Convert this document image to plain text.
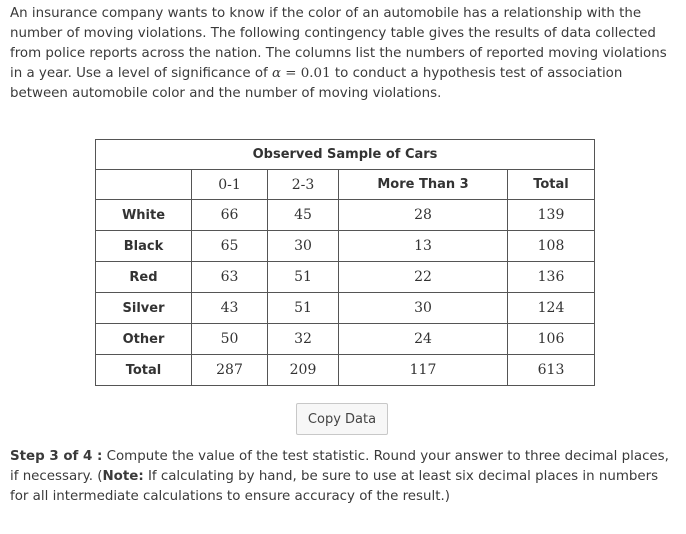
An insurance company wants to know if the color of an automobile has a relationship with the number of moving violations. The following contingency table gives the results of data collected from police reports across the nation. The columns list the numbers of reported moving violations in a year. Use a level of significance of α = 0.01 to conduct a hypothesis test of association between automobile color and the number of moving violations.
Observed Sample of Cars				
	0-1	2-3	More Than 3	Total
White	66	45	28	139
Black	65	30	13	108
Red	63	51	22	136
Silver	43	51	30	124
Other	50	32	24	106
Total	287	209	117	613
Copy Data
Step 3 of 4 : Compute the value of the test statistic. Round your answer to three decimal places, if necessary. (Note: If calculating by hand, be sure to use at least six decimal places in numbers for all intermediate calculations to ensure accuracy of the result.)
